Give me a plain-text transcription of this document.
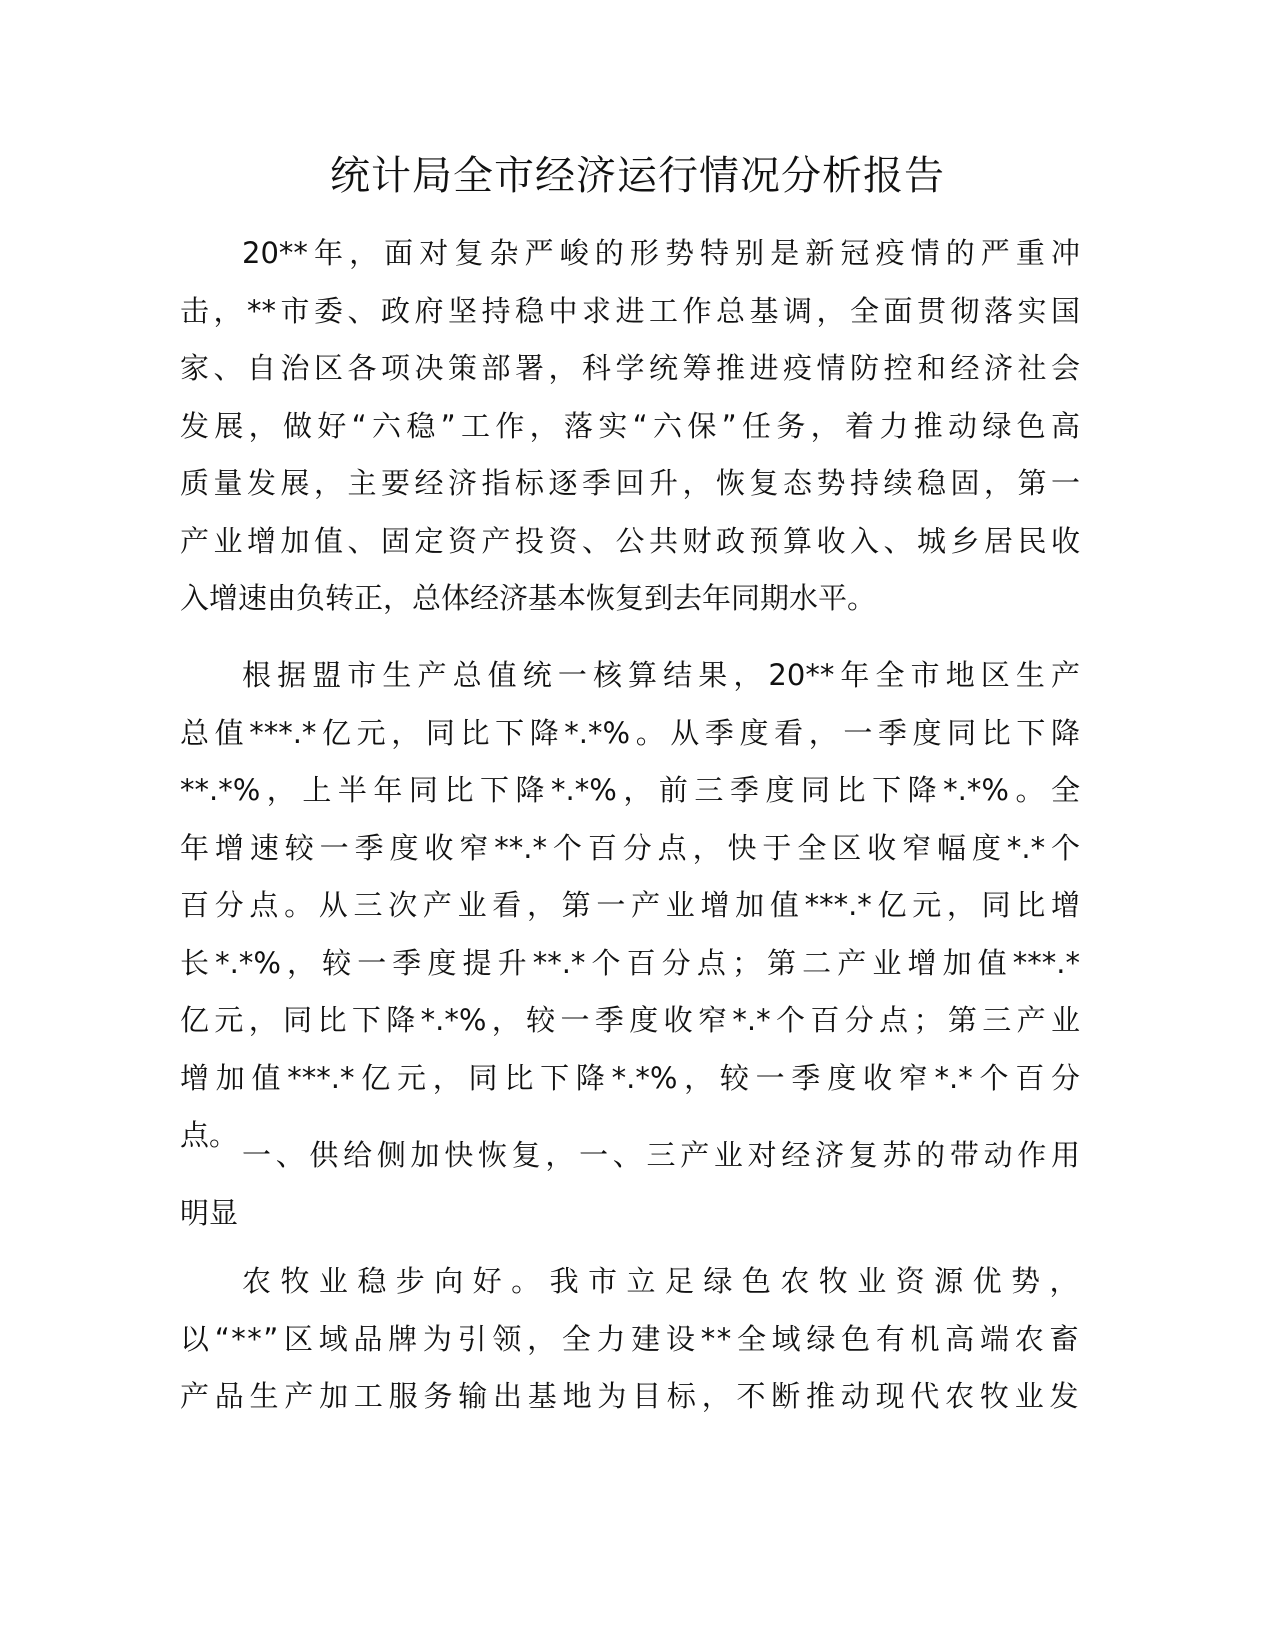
统计局全市经济运行情况分析报告
20**年，面对复杂严峻的形势特别是新冠疫情的严重冲
击，**市委、政府坚持稳中求进工作总基调，全面贯彻落实国
家、自治区各项决策部署，科学统筹推进疫情防控和经济社会
发展，做好“六稳”工作，落实“六保”任务，着力推动绿色高
质量发展，主要经济指标逐季回升，恢复态势持续稳固，第一
产业增加值、固定资产投资、公共财政预算收入、城乡居民收
入增速由负转正，总体经济基本恢复到去年同期水平。
根据盟市生产总值统一核算结果，20**年全市地区生产
总值***.*亿元，同比下降*.*%。从季度看，一季度同比下降
**.*%，上半年同比下降*.*%，前三季度同比下降*.*%。全
年增速较一季度收窄**.*个百分点，快于全区收窄幅度*.*个
百分点。从三次产业看，第一产业增加值***.*亿元，同比增
长*.*%，较一季度提升**.*个百分点；第二产业增加值***.*
亿元，同比下降*.*%，较一季度收窄*.*个百分点；第三产业
增加值***.*亿元，同比下降*.*%，较一季度收窄*.*个百分
点。
一、供给侧加快恢复，一、三产业对经济复苏的带动作用
明显
农牧业稳步向好。我市立足绿色农牧业资源优势，
以“**”区域品牌为引领，全力建设**全域绿色有机高端农畜
产品生产加工服务输出基地为目标，不断推动现代农牧业发
